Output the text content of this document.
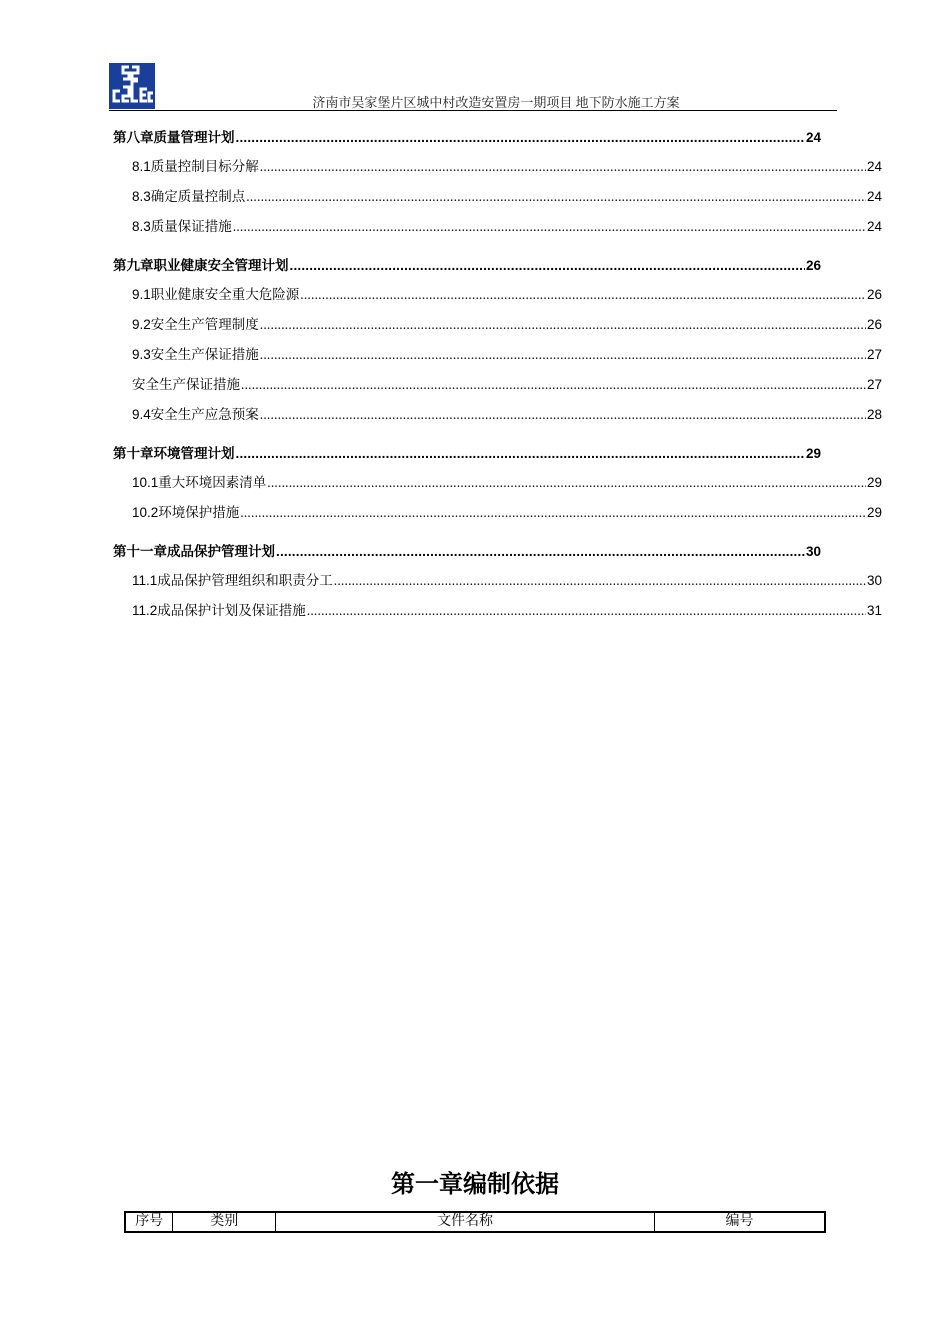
济南市吴家堡片区城中村改造安置房一期项目 地下防水施工方案
第八章质量管理计划 .....	24
8.1 质量控制目标分解 .....	24
8.3 确定质量控制点 .....	24
8.3 质量保证措施 .....	24
第九章职业健康安全管理计划 .....	26
9.1 职业健康安全重大危险源 .....	26
9.2 安全生产管理制度 .....	26
9.3 安全生产保证措施 .....	27
安全生产保证措施 .....	27
9.4 安全生产应急预案 .....	28
第十章环境管理计划 .....	29
10.1 重大环境因素清单 .....	29
10.2 环境保护措施 .....	29
第十一章成品保护管理计划 .....	30
11.1 成品保护管理组织和职责分工 .....	30
11.2 成品保护计划及保证措施 .....	31
第一章编制依据
序号	类别	文件名称	编号
